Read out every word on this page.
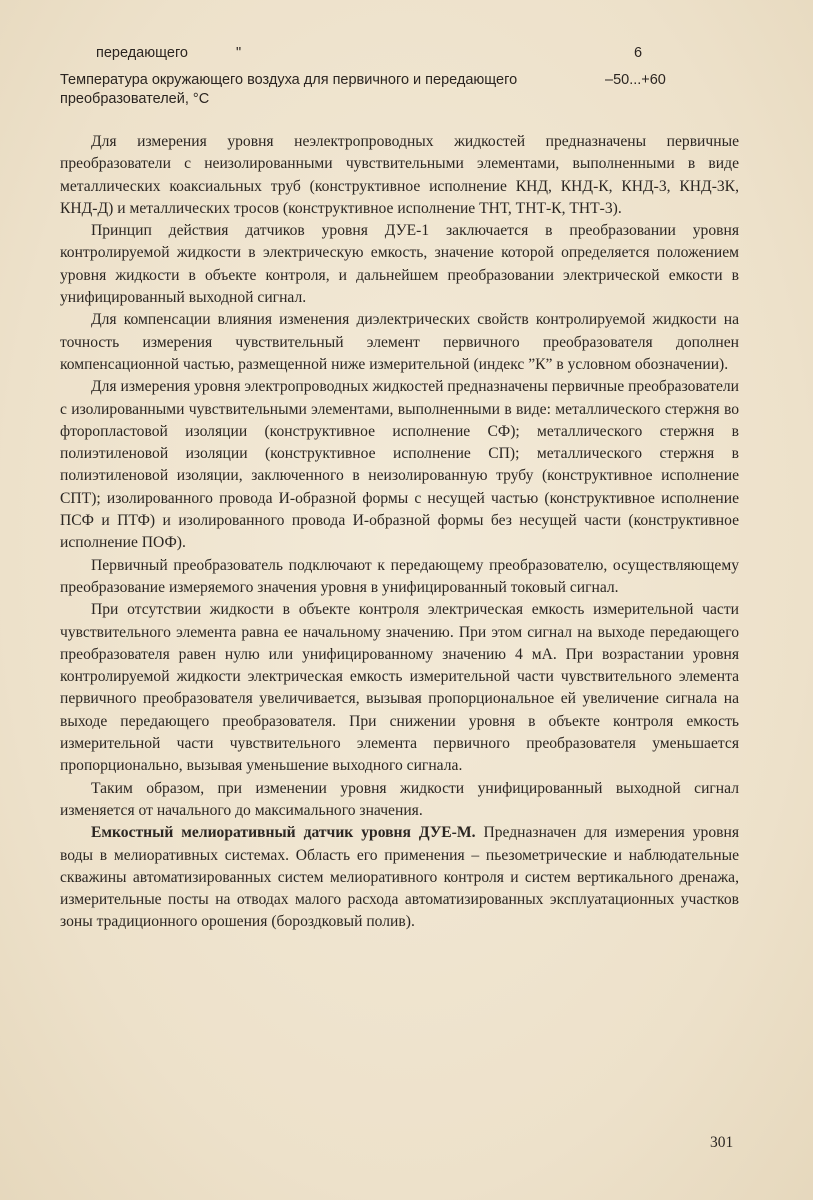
передающего	"	6
Температура окружающего воздуха для первичного и передающего преобразователей, °С
–50...+60

Для измерения уровня неэлектропроводных жидкостей предназначены первичные преобразователи с неизолированными чувствительными элементами, выполненными в виде металлических коаксиальных труб (конструктивное исполнение КНД, КНД-К, КНД-3, КНД-3К, КНД-Д) и металлических тросов (конструктивное исполнение ТНТ, ТНТ-К, ТНТ-3).

Принцип действия датчиков уровня ДУЕ-1 заключается в преобразовании уровня контролируемой жидкости в электрическую емкость, значение которой определяется положением уровня жидкости в объекте контроля, и дальнейшем преобразовании электрической емкости в унифицированный выходной сигнал.

Для компенсации влияния изменения диэлектрических свойств контролируемой жидкости на точность измерения чувствительный элемент первичного преобразователя дополнен компенсационной частью, размещенной ниже измерительной (индекс ”К” в условном обозначении).

Для измерения уровня электропроводных жидкостей предназначены первичные преобразователи с изолированными чувствительными элементами, выполненными в виде: металлического стержня во фторопластовой изоляции (конструктивное исполнение СФ); металлического стержня в полиэтиленовой изоляции (конструктивное исполнение СП); металлического стержня в полиэтиленовой изоляции, заключенного в неизолированную трубу (конструктивное исполнение СПТ); изолированного провода И-образной формы с несущей частью (конструктивное исполнение ПСФ и ПТФ) и изолированного провода И-образной формы без несущей части (конструктивное исполнение ПОФ).

Первичный преобразователь подключают к передающему преобразователю, осуществляющему преобразование измеряемого значения уровня в унифицированный токовый сигнал.

При отсутствии жидкости в объекте контроля электрическая емкость измерительной части чувствительного элемента равна ее начальному значению. При этом сигнал на выходе передающего преобразователя равен нулю или унифицированному значению 4 мА. При возрастании уровня контролируемой жидкости электрическая емкость измерительной части чувствительного элемента первичного преобразователя увеличивается, вызывая пропорциональное ей увеличение сигнала на выходе передающего преобразователя. При снижении уровня в объекте контроля емкость измерительной части чувствительного элемента первичного преобразователя уменьшается пропорционально, вызывая уменьшение выходного сигнала.

Таким образом, при изменении уровня жидкости унифицированный выходной сигнал изменяется от начального до максимального значения.

Емкостный мелиоративный датчик уровня ДУЕ-М. Предназначен для измерения уровня воды в мелиоративных системах. Область его применения – пьезометрические и наблюдательные скважины автоматизированных систем мелиоративного контроля и систем вертикального дренажа, измерительные посты на отводах малого расхода автоматизированных эксплуатационных участков зоны традиционного орошения (бороздковый полив).

301
